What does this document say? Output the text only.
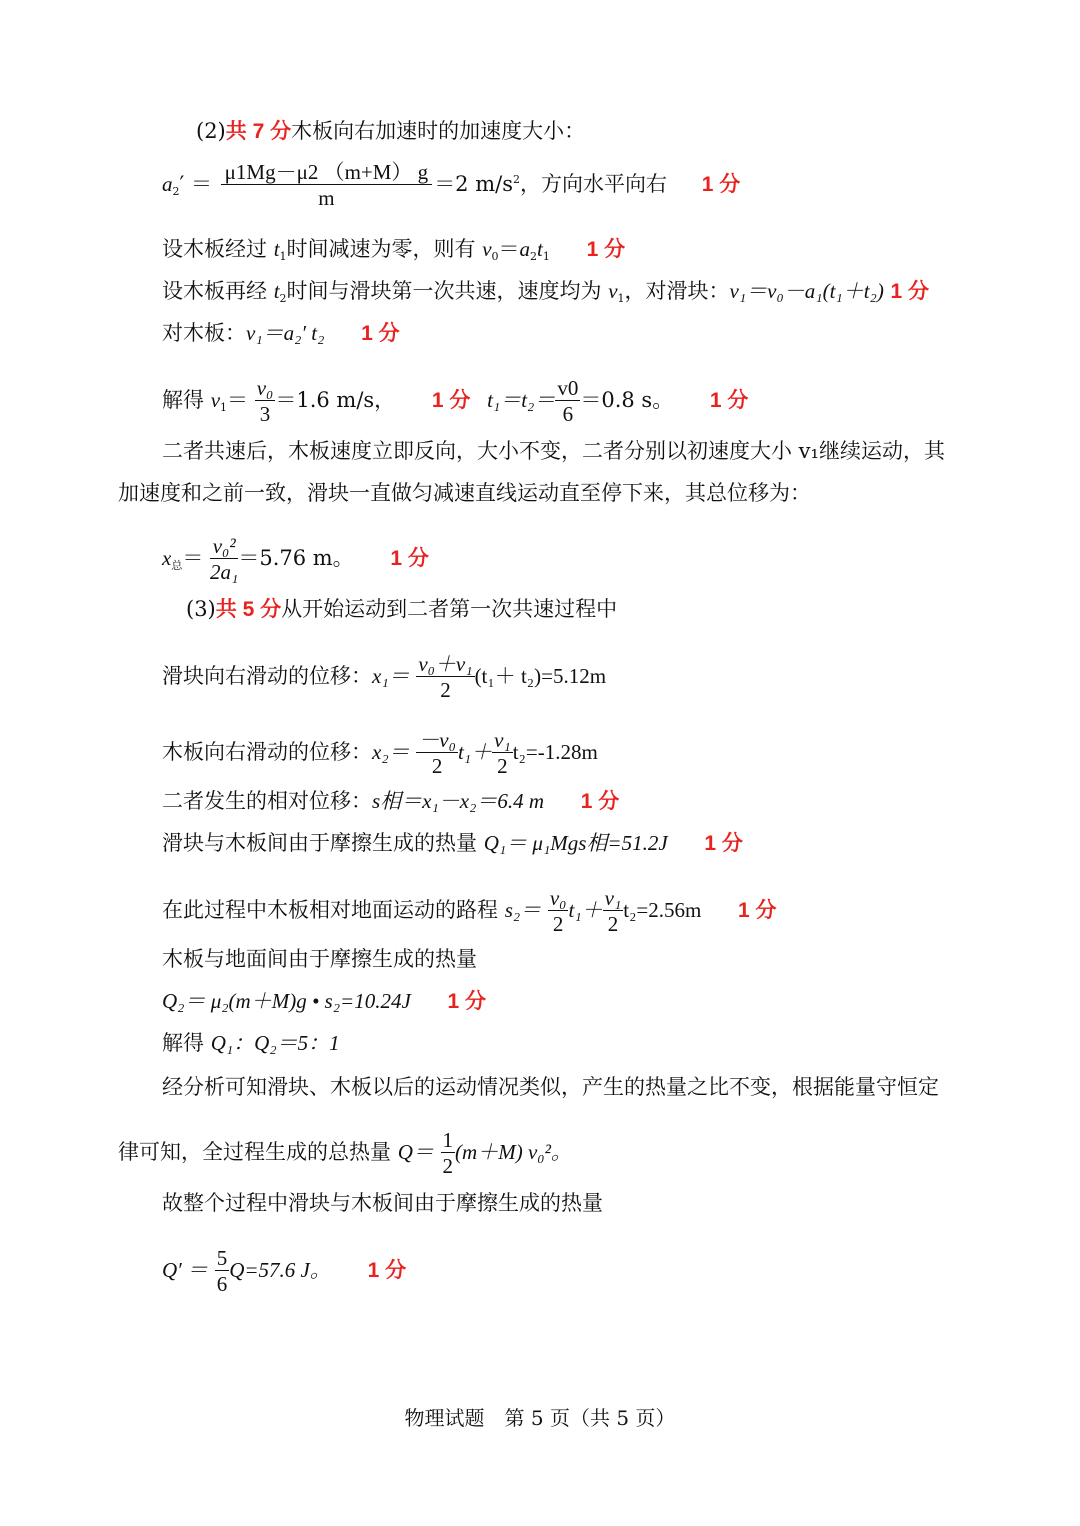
(2)共 7 分木板向右加速时的加速度大小：
$a_2' = \frac{\mu 1Mg-\mu 2 (m+M) g}{m} =2$ $m/s^2$，方向水平向右 1 分
设木板经过 $t_1$时间减速为零，则有 $v_0=a_2t_1$ 1 分
设木板再经 $t_2$时间与滑块第一次共速，速度均为 $v_1$，对滑块：v₁＝v₀－a₁(t₁＋t₂) 1 分
对木板：v₁＝a₂′ t₂ 1 分
解得 $v_1= \frac{\text{v₀}}{3} =1.6$ m/s， 1 分 $t_1=t_2= \frac{v0}{6} =0.8$ s。 1 分
二者共速后，木板速度立即反向，大小不变，二者分别以初速度大小 v₁继续运动，其
加速度和之前一致，滑块一直做匀减速直线运动直至停下来，其总位移为：
$x_总= \frac{\text{v₀²}}{\text{2a₁}} =5.76$ m。 1 分
(3)共 5 分从开始运动到二者第一次共速过程中
滑块向右滑动的位移：$x_1= \frac{\text{v₀＋v₁}}{2} (t_1+ t_2)=5.12m$
木板向右滑动的位移：$x_2= \frac{\text{－v₀}}{2} t_1+ \frac{\text{v₁}}{2} t_2=-1.28m$
二者发生的相对位移：s相＝x₁－x₂＝6.4 m 1 分
滑块与木板间由于摩擦生成的热量 Q₁＝ μ₁Mgs相=51.2J 1 分
在此过程中木板相对地面运动的路程 $s_2= \frac{\text{v₀}}{2} t_1+ \frac{\text{v₁}}{2} t_2=2.56m$ 1 分
木板与地面间由于摩擦生成的热量
Q₂＝ μ₂(m＋M)g • s₂=10.24J 1 分
解得 Q₁：Q₂＝5：1
经分析可知滑块、木板以后的运动情况类似，产生的热量之比不变，根据能量守恒定
律可知，全过程生成的总热量 $Q= \frac{1}{2} (m+M)$ v₀²。
故整个过程中滑块与木板间由于摩擦生成的热量
$Q' = \frac{5}{6} Q=57.6$ J。 1 分
物理试题　第 5 页（共 5 页）
